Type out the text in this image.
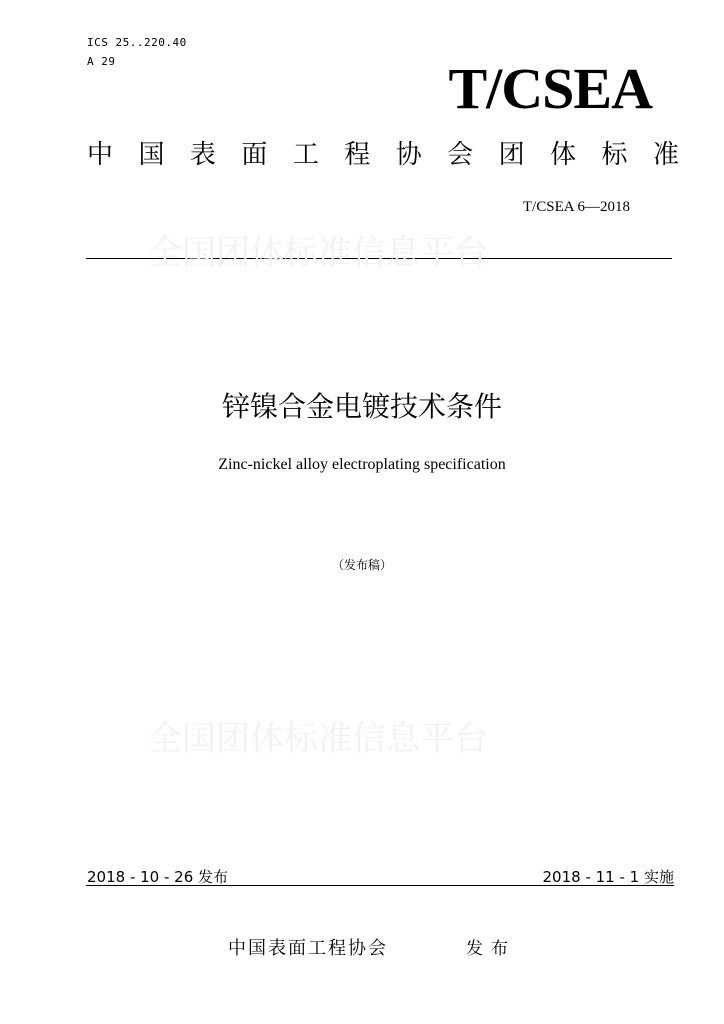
ICS 25..220.40
A 29	T/CSEA
中 国 表 面 工 程 协 会 团 体 标 准
T/CSEA 6—2018
全国团体标准信息平台
锌镍合金电镀技术条件
Zinc-nickel alloy electroplating specification
（发布稿）
全国团体标准信息平台
2018 - 10 - 26 发布	2018 - 11 - 1 实施
中国表面工程协会	发布
